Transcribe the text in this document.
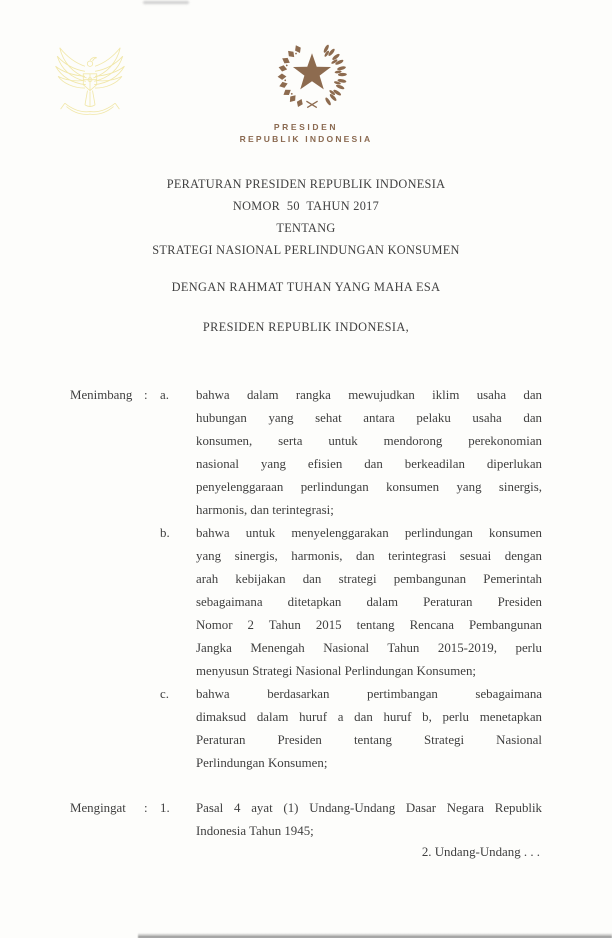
PRESIDEN
REPUBLIK INDONESIA
PERATURAN PRESIDEN REPUBLIK INDONESIA
NOMOR  50  TAHUN 2017
TENTANG
STRATEGI NASIONAL PERLINDUNGAN KONSUMEN
DENGAN RAHMAT TUHAN YANG MAHA ESA
PRESIDEN REPUBLIK INDONESIA,
Menimbang : a.	bahwa dalam rangka mewujudkan iklim usaha dan
hubungan yang sehat antara pelaku usaha dan
konsumen, serta untuk mendorong perekonomian
nasional yang efisien dan berkeadilan diperlukan
penyelenggaraan perlindungan konsumen yang sinergis,
harmonis, dan terintegrasi;
b.	bahwa untuk menyelenggarakan perlindungan konsumen
yang sinergis, harmonis, dan terintegrasi sesuai dengan
arah kebijakan dan strategi pembangunan Pemerintah
sebagaimana ditetapkan dalam Peraturan Presiden
Nomor 2 Tahun 2015 tentang Rencana Pembangunan
Jangka Menengah Nasional Tahun 2015-2019, perlu
menyusun Strategi Nasional Perlindungan Konsumen;
c.	bahwa berdasarkan pertimbangan sebagaimana
dimaksud dalam huruf a dan huruf b, perlu menetapkan
Peraturan Presiden tentang Strategi Nasional
Perlindungan Konsumen;
Mengingat	: 1.	Pasal 4 ayat (1) Undang-Undang Dasar Negara Republik
Indonesia Tahun 1945;
2. Undang-Undang . . .
